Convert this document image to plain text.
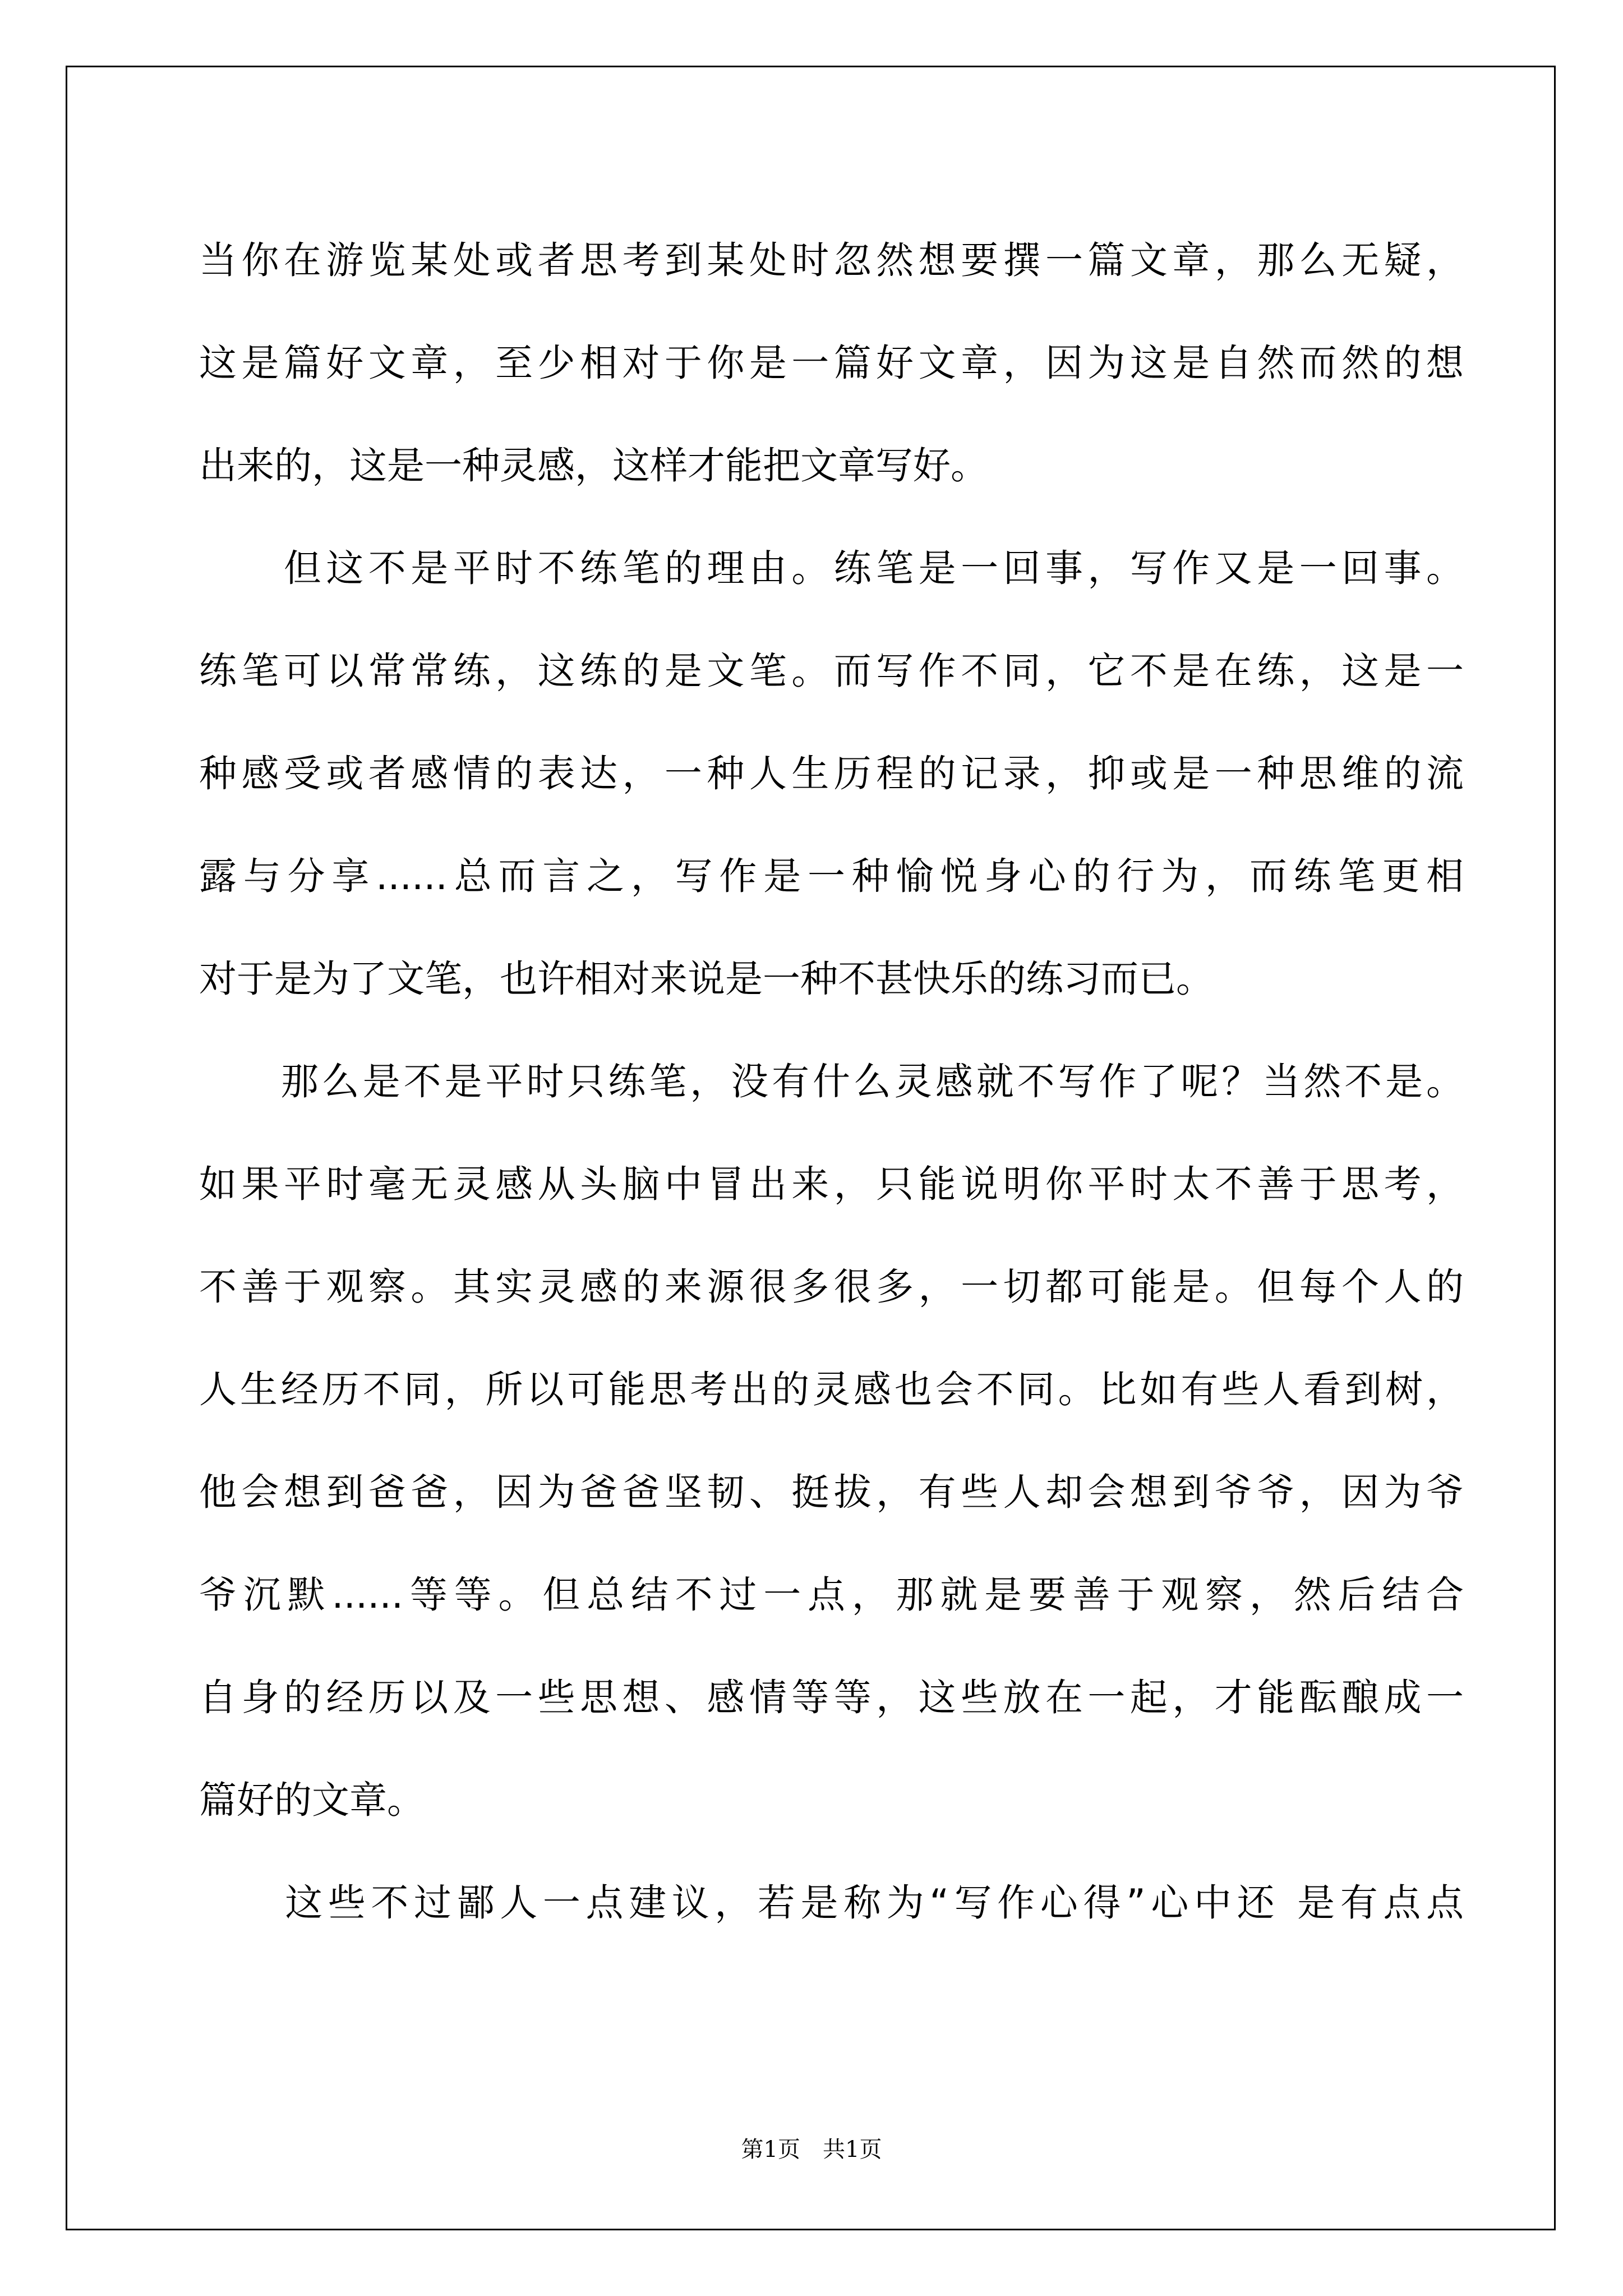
当你在游览某处或者思考到某处时忽然想要撰一篇文章，那么无疑，
这是篇好文章，至少相对于你是一篇好文章，因为这是自然而然的想
出来的，这是一种灵感，这样才能把文章写好。
　　但这不是平时不练笔的理由。练笔是一回事，写作又是一回事。
练笔可以常常练，这练的是文笔。而写作不同，它不是在练，这是一
种感受或者感情的表达，一种人生历程的记录，抑或是一种思维的流
露与分享......总而言之，写作是一种愉悦身心的行为，而练笔更相
对于是为了文笔，也许相对来说是一种不甚快乐的练习而已。
　　那么是不是平时只练笔，没有什么灵感就不写作了呢？当然不是。
如果平时毫无灵感从头脑中冒出来，只能说明你平时太不善于思考，
不善于观察。其实灵感的来源很多很多，一切都可能是。但每个人的
人生经历不同，所以可能思考出的灵感也会不同。比如有些人看到树，
他会想到爸爸，因为爸爸坚韧、挺拔，有些人却会想到爷爷，因为爷
爷沉默......等等。但总结不过一点，那就是要善于观察，然后结合
自身的经历以及一些思想、感情等等，这些放在一起，才能酝酿成一
篇好的文章。
　　这些不过鄙人一点建议，若是称为“写作心得”心中还 是有点点
第1页　共1页
